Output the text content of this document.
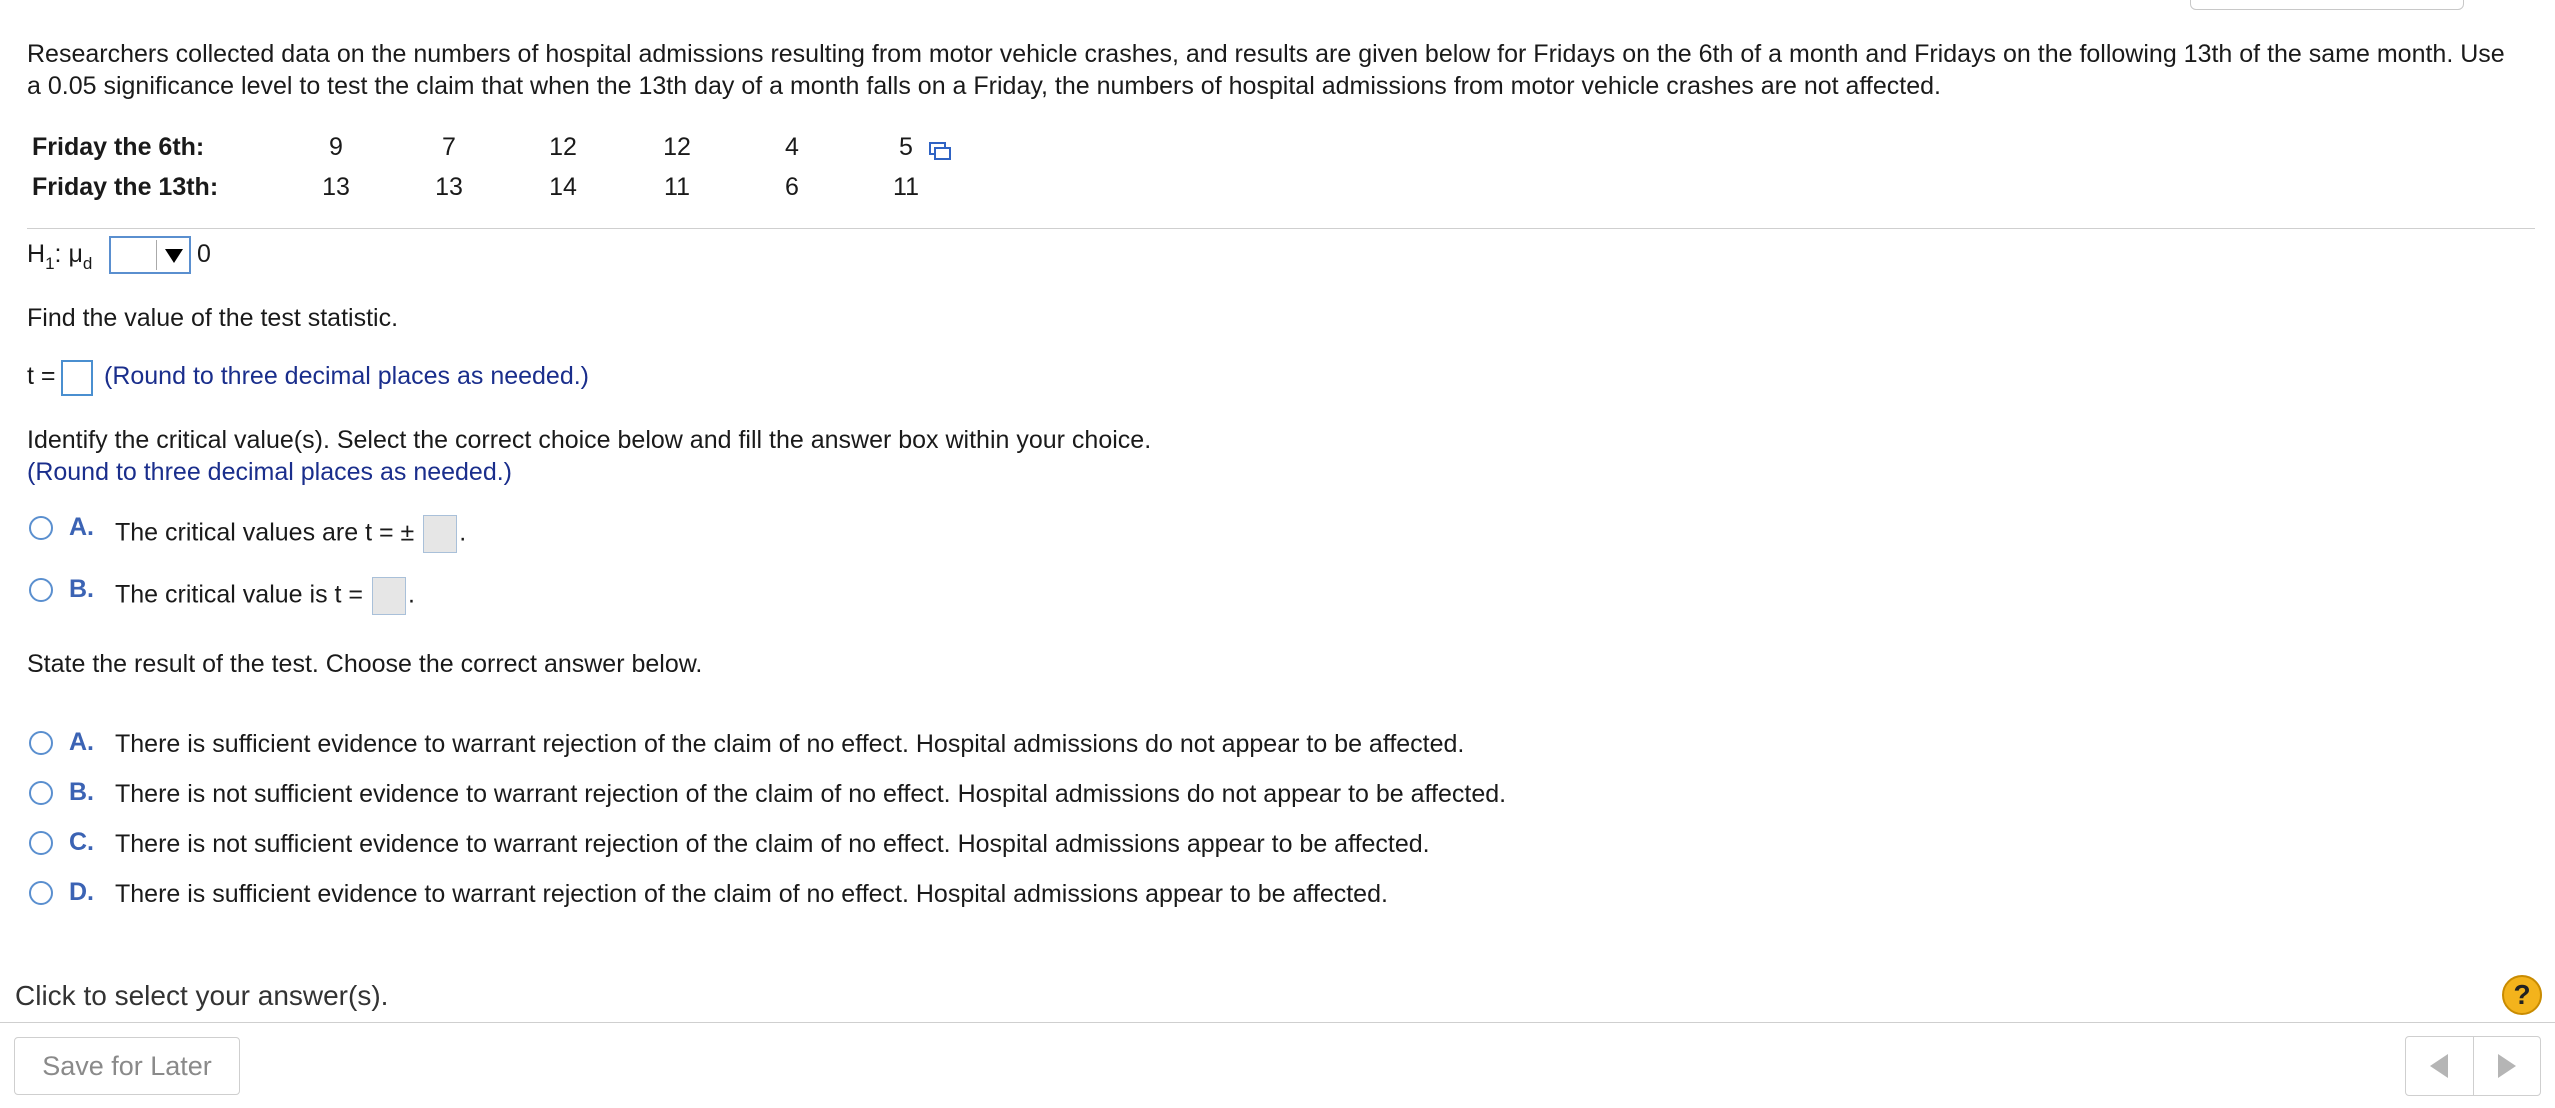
Researchers collected data on the numbers of hospital admissions resulting from motor vehicle crashes, and results are given below for Fridays on the 6th of a month and Fridays on the following 13th of the same month. Use a 0.05 significance level to test the claim that when the 13th day of a month falls on a Friday, the numbers of hospital admissions from motor vehicle crashes are not affected.

Friday the 6th:	9	7	12	12	4	5
Friday the 13th:	13	13	14	11	6	11
$H_1$: $\mu_d$	0

Find the value of the test statistic.

t = (Round to three decimal places as needed.)
Identify the critical value(s). Select the correct choice below and fill the answer box within your choice.
(Round to three decimal places as needed.)
A. The critical values are t = ± .
B. The critical value is t = .

State the result of the test. Choose the correct answer below.

A. There is sufficient evidence to warrant rejection of the claim of no effect. Hospital admissions do not appear to be affected.
B. There is not sufficient evidence to warrant rejection of the claim of no effect. Hospital admissions do not appear to be affected.
C. There is not sufficient evidence to warrant rejection of the claim of no effect. Hospital admissions appear to be affected.
D. There is sufficient evidence to warrant rejection of the claim of no effect. Hospital admissions appear to be affected.
Click to select your answer(s).	?
Save for Later
